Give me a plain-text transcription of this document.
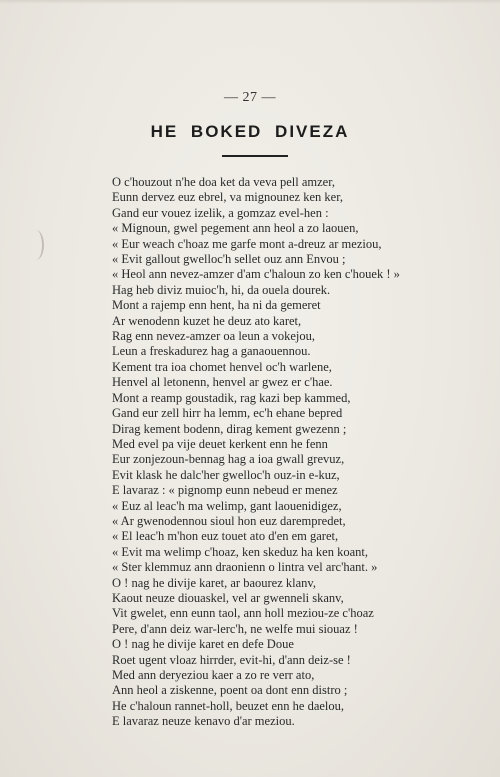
— 27 —
HE BOKED DIVEZA
O c'houzout n'he doa ket da veva pell amzer,
Eunn dervez euz ebrel, va mignounez ken ker,
Gand eur vouez izelik, a gomzaz evel-hen :
« Mignoun, gwel pegement ann heol a zo laouen,
« Eur weach c'hoaz me garfe mont a-dreuz ar meziou,
« Evit gallout gwelloc'h sellet ouz ann Envou ;
« Heol ann nevez-amzer d'am c'haloun zo ken c'houek ! »
Hag heb diviz muioc'h, hi, da ouela dourek.
Mont a rajemp enn hent, ha ni da gemeret
Ar wenodenn kuzet he deuz ato karet,
Rag enn nevez-amzer oa leun a vokejou,
Leun a freskadurez hag a ganaouennou.
Kement tra ioa chomet henvel oc'h warlene,
Henvel al letonenn, henvel ar gwez er c'hae.
Mont a reamp goustadik, rag kazi bep kammed,
Gand eur zell hirr ha lemm, ec'h ehane bepred
Dirag kement bodenn, dirag kement gwezenn ;
Med evel pa vije deuet kerkent enn he fenn
Eur zonjezoun-bennag hag a ioa gwall grevuz,
Evit klask he dalc'her gwelloc'h ouz-in e-kuz,
E lavaraz : « pignomp eunn nebeud er menez
« Euz al leac'h ma welimp, gant laouenidigez,
« Ar gwenodennou sioul hon euz darempredet,
« El leac'h m'hon euz touet ato d'en em garet,
« Evit ma welimp c'hoaz, ken skeduz ha ken koant,
« Ster klemmuz ann draonienn o lintra vel arc'hant. »
O ! nag he divije karet, ar baourez klanv,
Kaout neuze diouaskel, vel ar gwenneli skanv,
Vit gwelet, enn eunn taol, ann holl meziou-ze c'hoaz
Pere, d'ann deiz war-lerc'h, ne welfe mui siouaz !
O ! nag he divije karet en defe Doue
Roet ugent vloaz hirrder, evit-hi, d'ann deiz-se !
Med ann deryeziou kaer a zo re verr ato,
Ann heol a ziskenne, poent oa dont enn distro ;
He c'haloun rannet-holl, beuzet enn he daelou,
E lavaraz neuze kenavo d'ar meziou.
